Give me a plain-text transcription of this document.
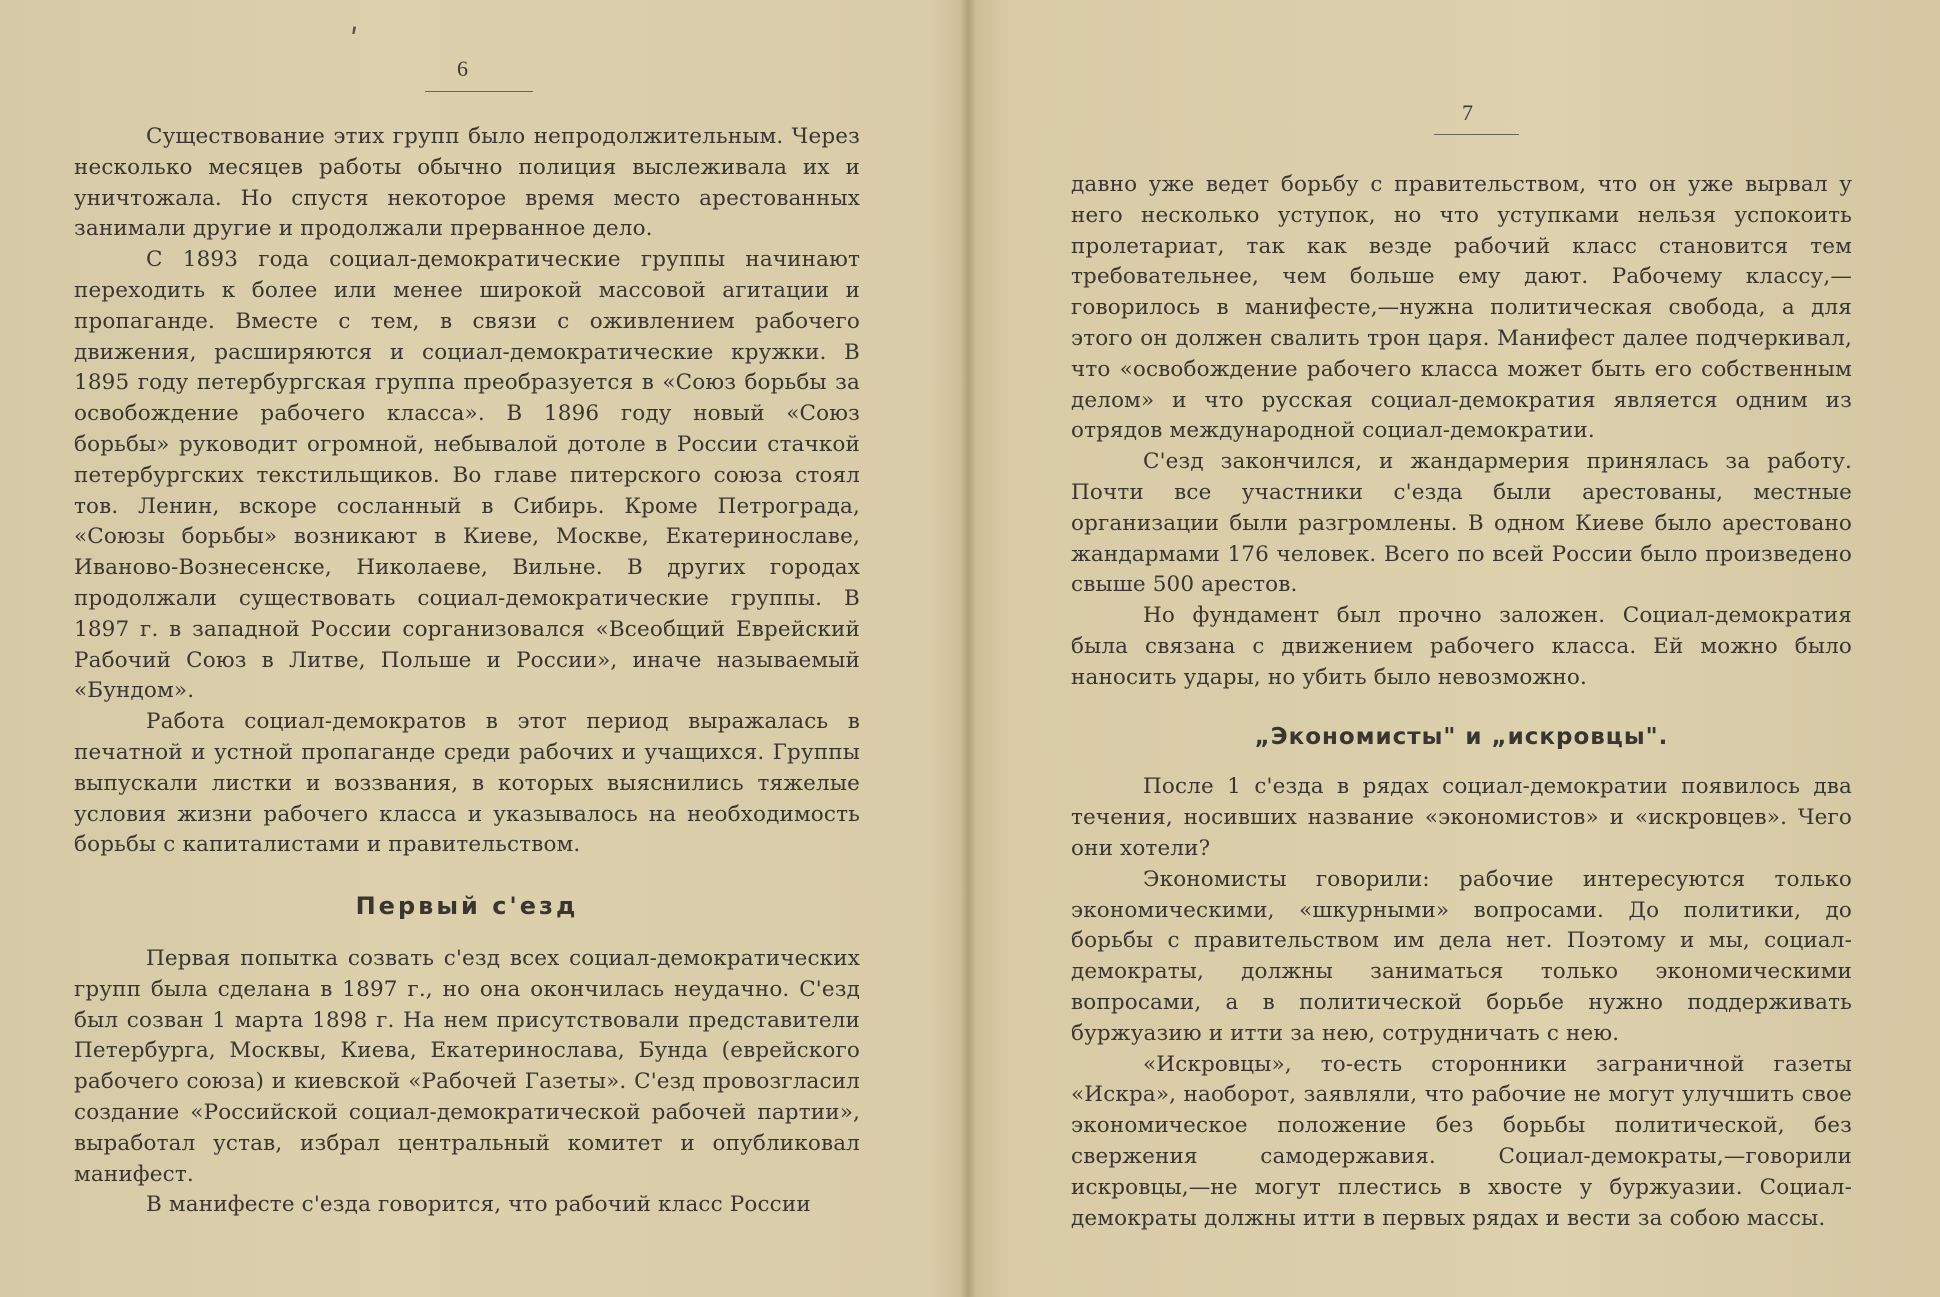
ʹ
6

Существование этих групп было непродолжительным. Через несколько месяцев работы обычно полиция выслеживала их и уничтожала. Но спустя некоторое время место арестованных занимали другие и продолжали прерванное дело.

С 1893 года социал-демократические группы начинают переходить к более или менее широкой массовой агитации и пропаганде. Вместе с тем, в связи с оживлением рабочего движения, расширяются и социал-демократические кружки. В 1895 году петербургская группа преобразуется в «Союз борьбы за освобождение рабочего класса». В 1896 году новый «Союз борьбы» руководит огромной, небывалой дотоле в России стачкой петербургских текстильщиков. Во главе питерского союза стоял тов. Ленин, вскоре сосланный в Сибирь. Кроме Петрограда, «Союзы борьбы» возникают в Киеве, Москве, Екатеринославе, Иваново-Вознесенске, Николаеве, Вильне. В других городах продолжали существовать социал-демократические группы. В 1897 г. в западной России сорганизовался «Всеобщий Еврейский Рабочий Союз в Литве, Польше и России», иначе называемый «Бундом».

Работа социал-демократов в этот период выражалась в печатной и устной пропаганде среди рабочих и учащихся. Группы выпускали листки и воззвания, в которых выяснились тяжелые условия жизни рабочего класса и указывалось на необходимость борьбы с капиталистами и правительством.

Первый с'езд

Первая попытка созвать с'езд всех социал-демократических групп была сделана в 1897 г., но она окончилась неудачно. С'езд был созван 1 марта 1898 г. На нем присутствовали представители Петербурга, Москвы, Киева, Екатеринослава, Бунда (еврейского рабочего союза) и киевской «Рабочей Газеты». С'езд провозгласил создание «Российской социал-демократической рабочей партии», выработал устав, избрал центральный комитет и опубликовал манифест.

В манифесте с'езда говорится, что рабочий класс России

7

давно уже ведет борьбу с правительством, что он уже вырвал у него несколько уступок, но что уступками нельзя успокоить пролетариат, так как везде рабочий класс становится тем требовательнее, чем больше ему дают. Рабочему классу,—говорилось в манифесте,—нужна политическая свобода, а для этого он должен свалить трон царя. Манифест далее подчеркивал, что «освобождение рабочего класса может быть его собственным делом» и что русская социал-демократия является одним из отрядов международной социал-демократии.

С'езд закончился, и жандармерия принялась за работу. Почти все участники с'езда были арестованы, местные организации были разгромлены. В одном Киеве было арестовано жандармами 176 человек. Всего по всей России было произведено свыше 500 арестов.

Но фундамент был прочно заложен. Социал-демократия была связана с движением рабочего класса. Ей можно было наносить удары, но убить было невозможно.

„Экономисты" и „искровцы".

После 1 с'езда в рядах социал-демократии появилось два течения, носивших название «экономистов» и «искровцев». Чего они хотели?

Экономисты говорили: рабочие интересуются только экономическими, «шкурными» вопросами. До политики, до борьбы с правительством им дела нет. Поэтому и мы, социал-демократы, должны заниматься только экономическими вопросами, а в политической борьбе нужно поддерживать буржуазию и итти за нею, сотрудничать с нею.

«Искровцы», то-есть сторонники заграничной газеты «Искра», наоборот, заявляли, что рабочие не могут улучшить свое экономическое положение без борьбы политической, без свержения самодержавия. Социал-демократы,—говорили искровцы,—не могут плестись в хвосте у буржуазии. Социал-демократы должны итти в первых рядах и вести за собою массы.
